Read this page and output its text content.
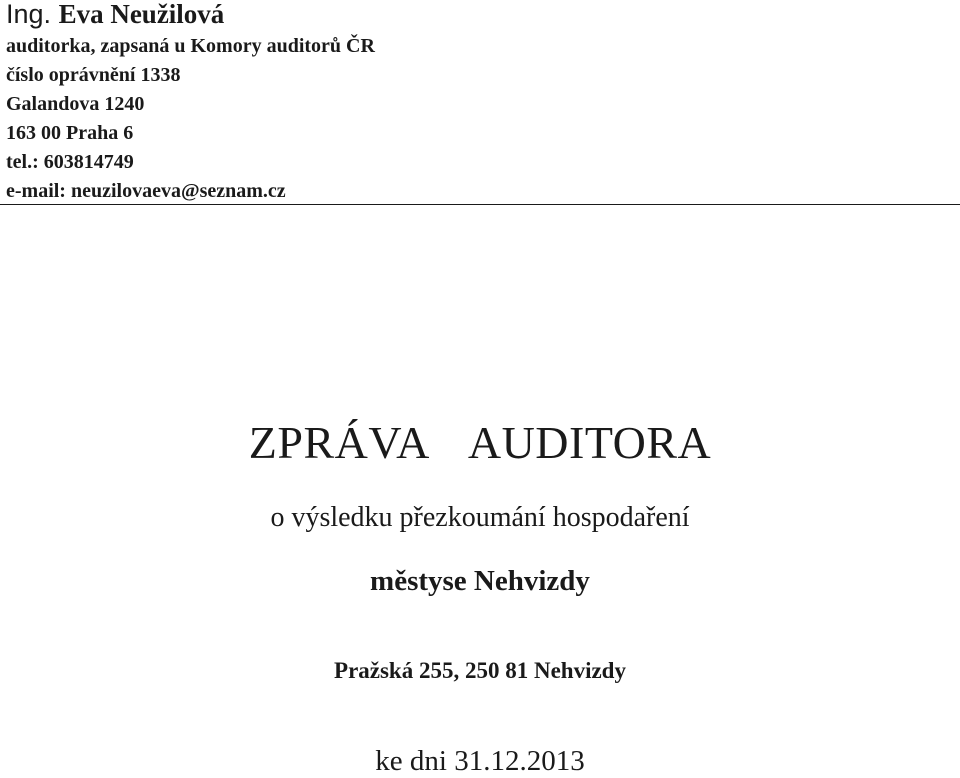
Ing. Eva Neužilová
auditorka, zapsaná u Komory auditorů ČR
číslo oprávnění 1338
Galandova 1240
163 00 Praha 6
tel.: 603814749
e-mail: neuzilovaeva@seznam.cz
ZPRÁVA AUDITORA
o výsledku přezkoumání hospodaření
městyse Nehvizdy
Pražská 255, 250 81 Nehvizdy
ke dni 31.12.2013
